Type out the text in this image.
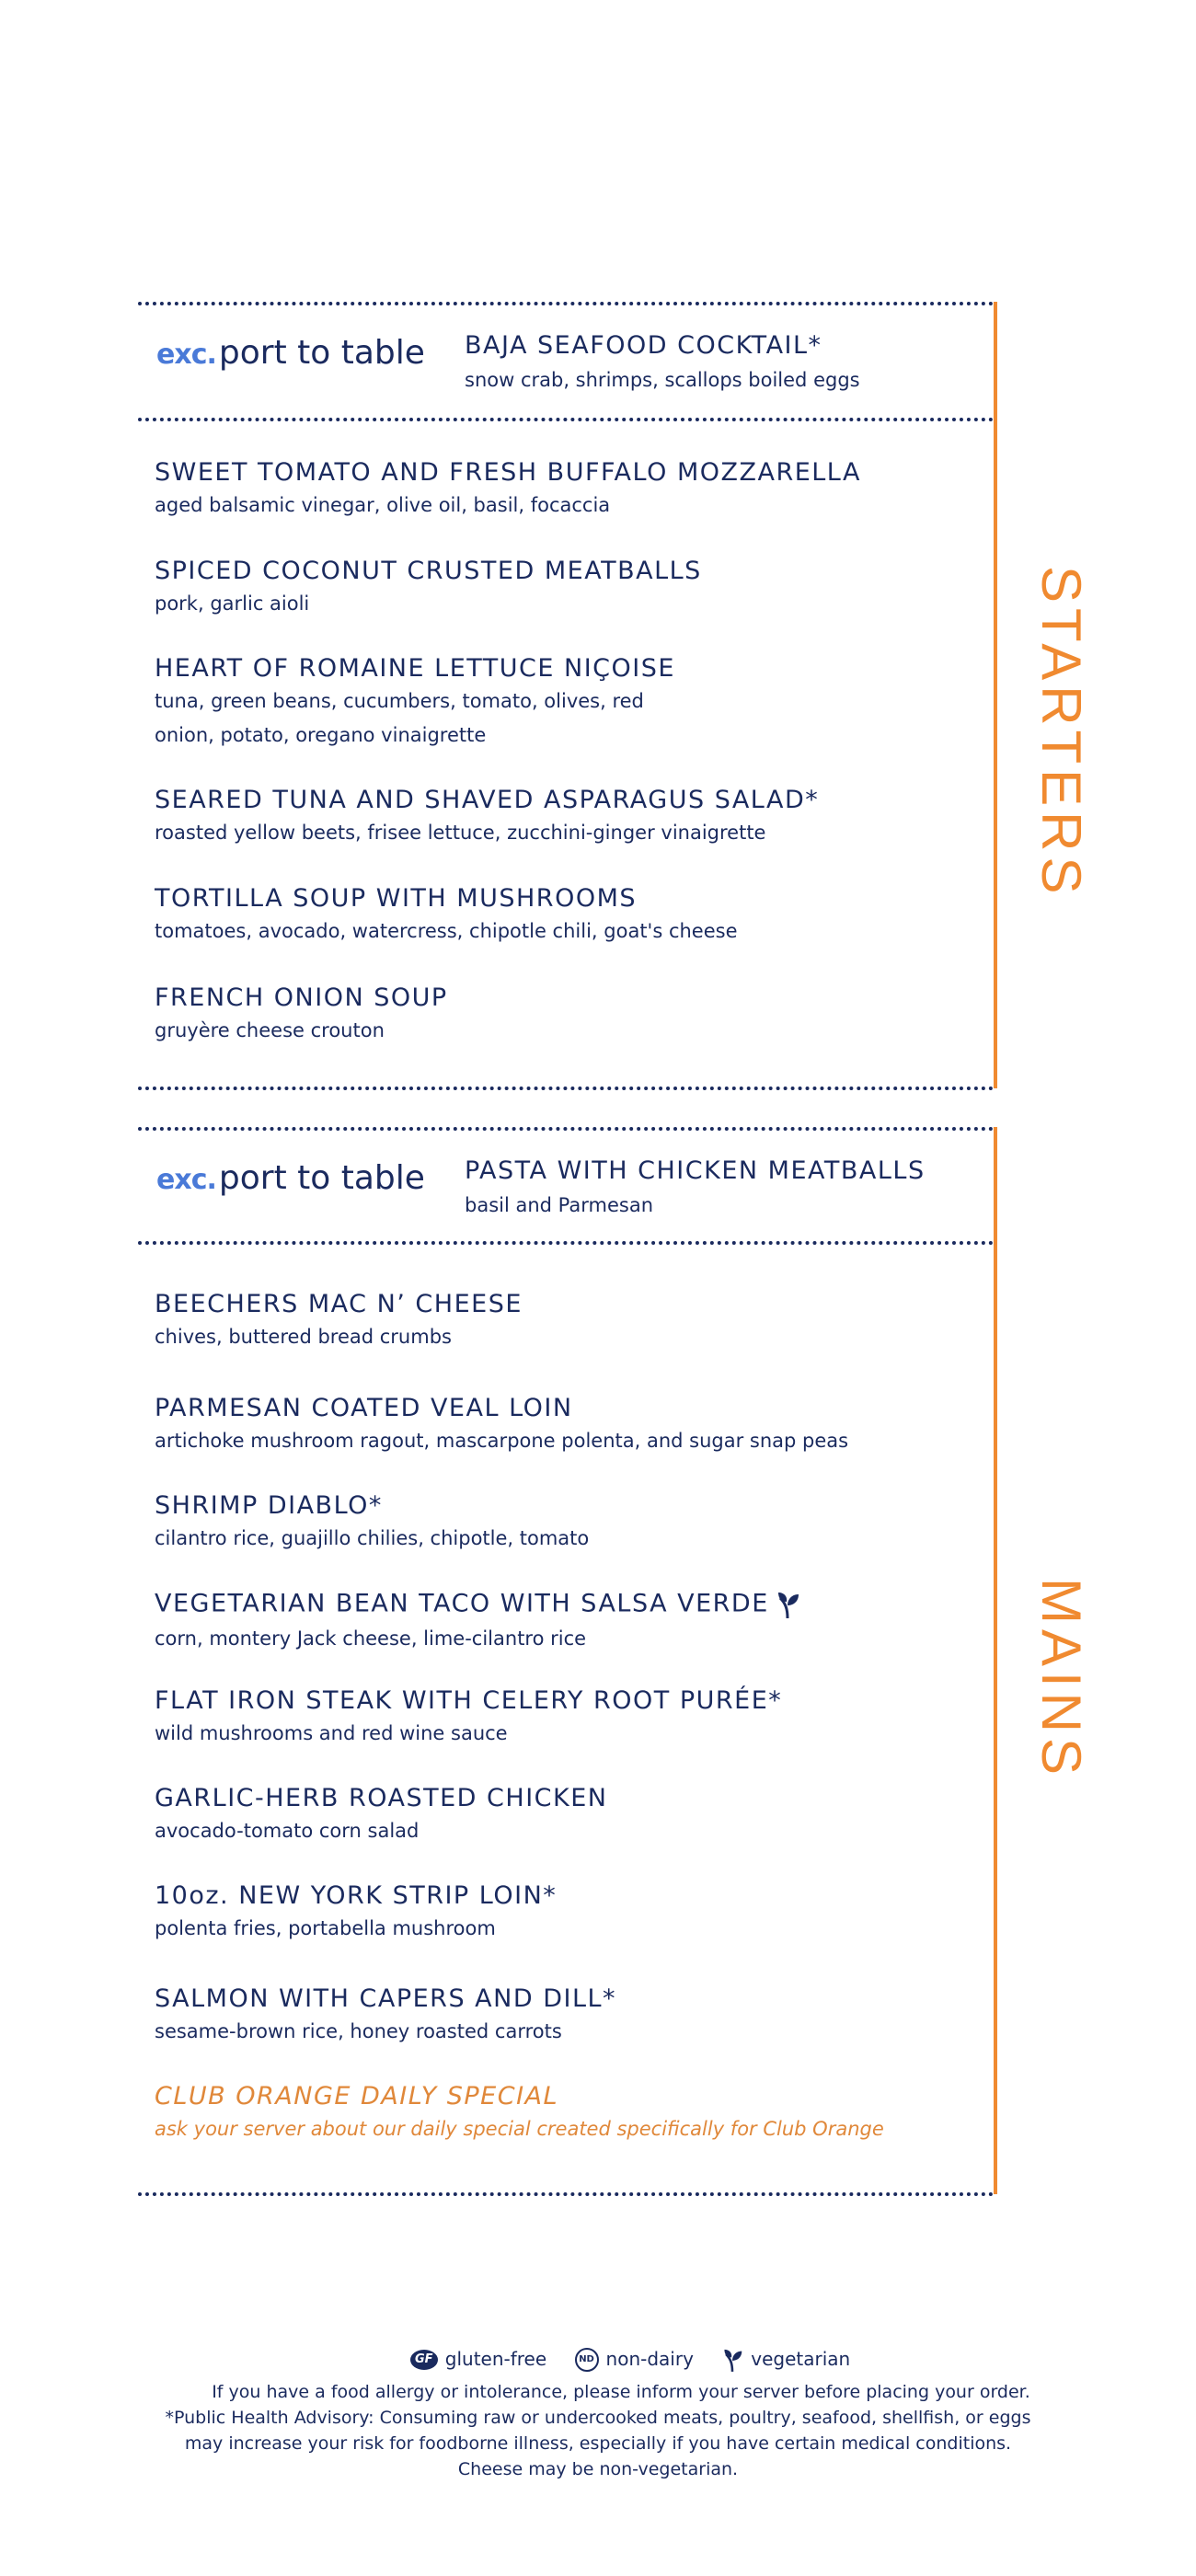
exc.port to table BAJA SEAFOOD COCKTAIL*
snow crab, shrimps, scallops boiled eggs
SWEET TOMATO AND FRESH BUFFALO MOZZARELLA
aged balsamic vinegar, olive oil, basil, focaccia
SPICED COCONUT CRUSTED MEATBALLS
pork, garlic aioli
HEART OF ROMAINE LETTUCE NIÇOISE
tuna, green beans, cucumbers, tomato, olives, red onion, potato, oregano vinaigrette
SEARED TUNA AND SHAVED ASPARAGUS SALAD*
roasted yellow beets, frisee lettuce, zucchini-ginger vinaigrette
TORTILLA SOUP WITH MUSHROOMS
tomatoes, avocado, watercress, chipotle chili, goat's cheese
FRENCH ONION SOUP
gruyère cheese crouton
STARTERS
exc.port to table PASTA WITH CHICKEN MEATBALLS
basil and Parmesan
BEECHERS MAC N’ CHEESE
chives, buttered bread crumbs
PARMESAN COATED VEAL LOIN
artichoke mushroom ragout, mascarpone polenta, and sugar snap peas
SHRIMP DIABLO*
cilantro rice, guajillo chilies, chipotle, tomato
VEGETARIAN BEAN TACO WITH SALSA VERDE
corn, montery Jack cheese, lime-cilantro rice
FLAT IRON STEAK WITH CELERY ROOT PURÉE*
wild mushrooms and red wine sauce
GARLIC-HERB ROASTED CHICKEN
avocado-tomato corn salad
10oz. NEW YORK STRIP LOIN*
polenta fries, portabella mushroom
SALMON WITH CAPERS AND DILL*
sesame-brown rice, honey roasted carrots
CLUB ORANGE DAILY SPECIAL
ask your server about our daily special created specifically for Club Orange
MAINS
GF gluten-free	ND non-dairy	vegetarian
If you have a food allergy or intolerance, please inform your server before placing your order.
*Public Health Advisory: Consuming raw or undercooked meats, poultry, seafood, shellfish, or eggs
may increase your risk for foodborne illness, especially if you have certain medical conditions.
Cheese may be non-vegetarian.
